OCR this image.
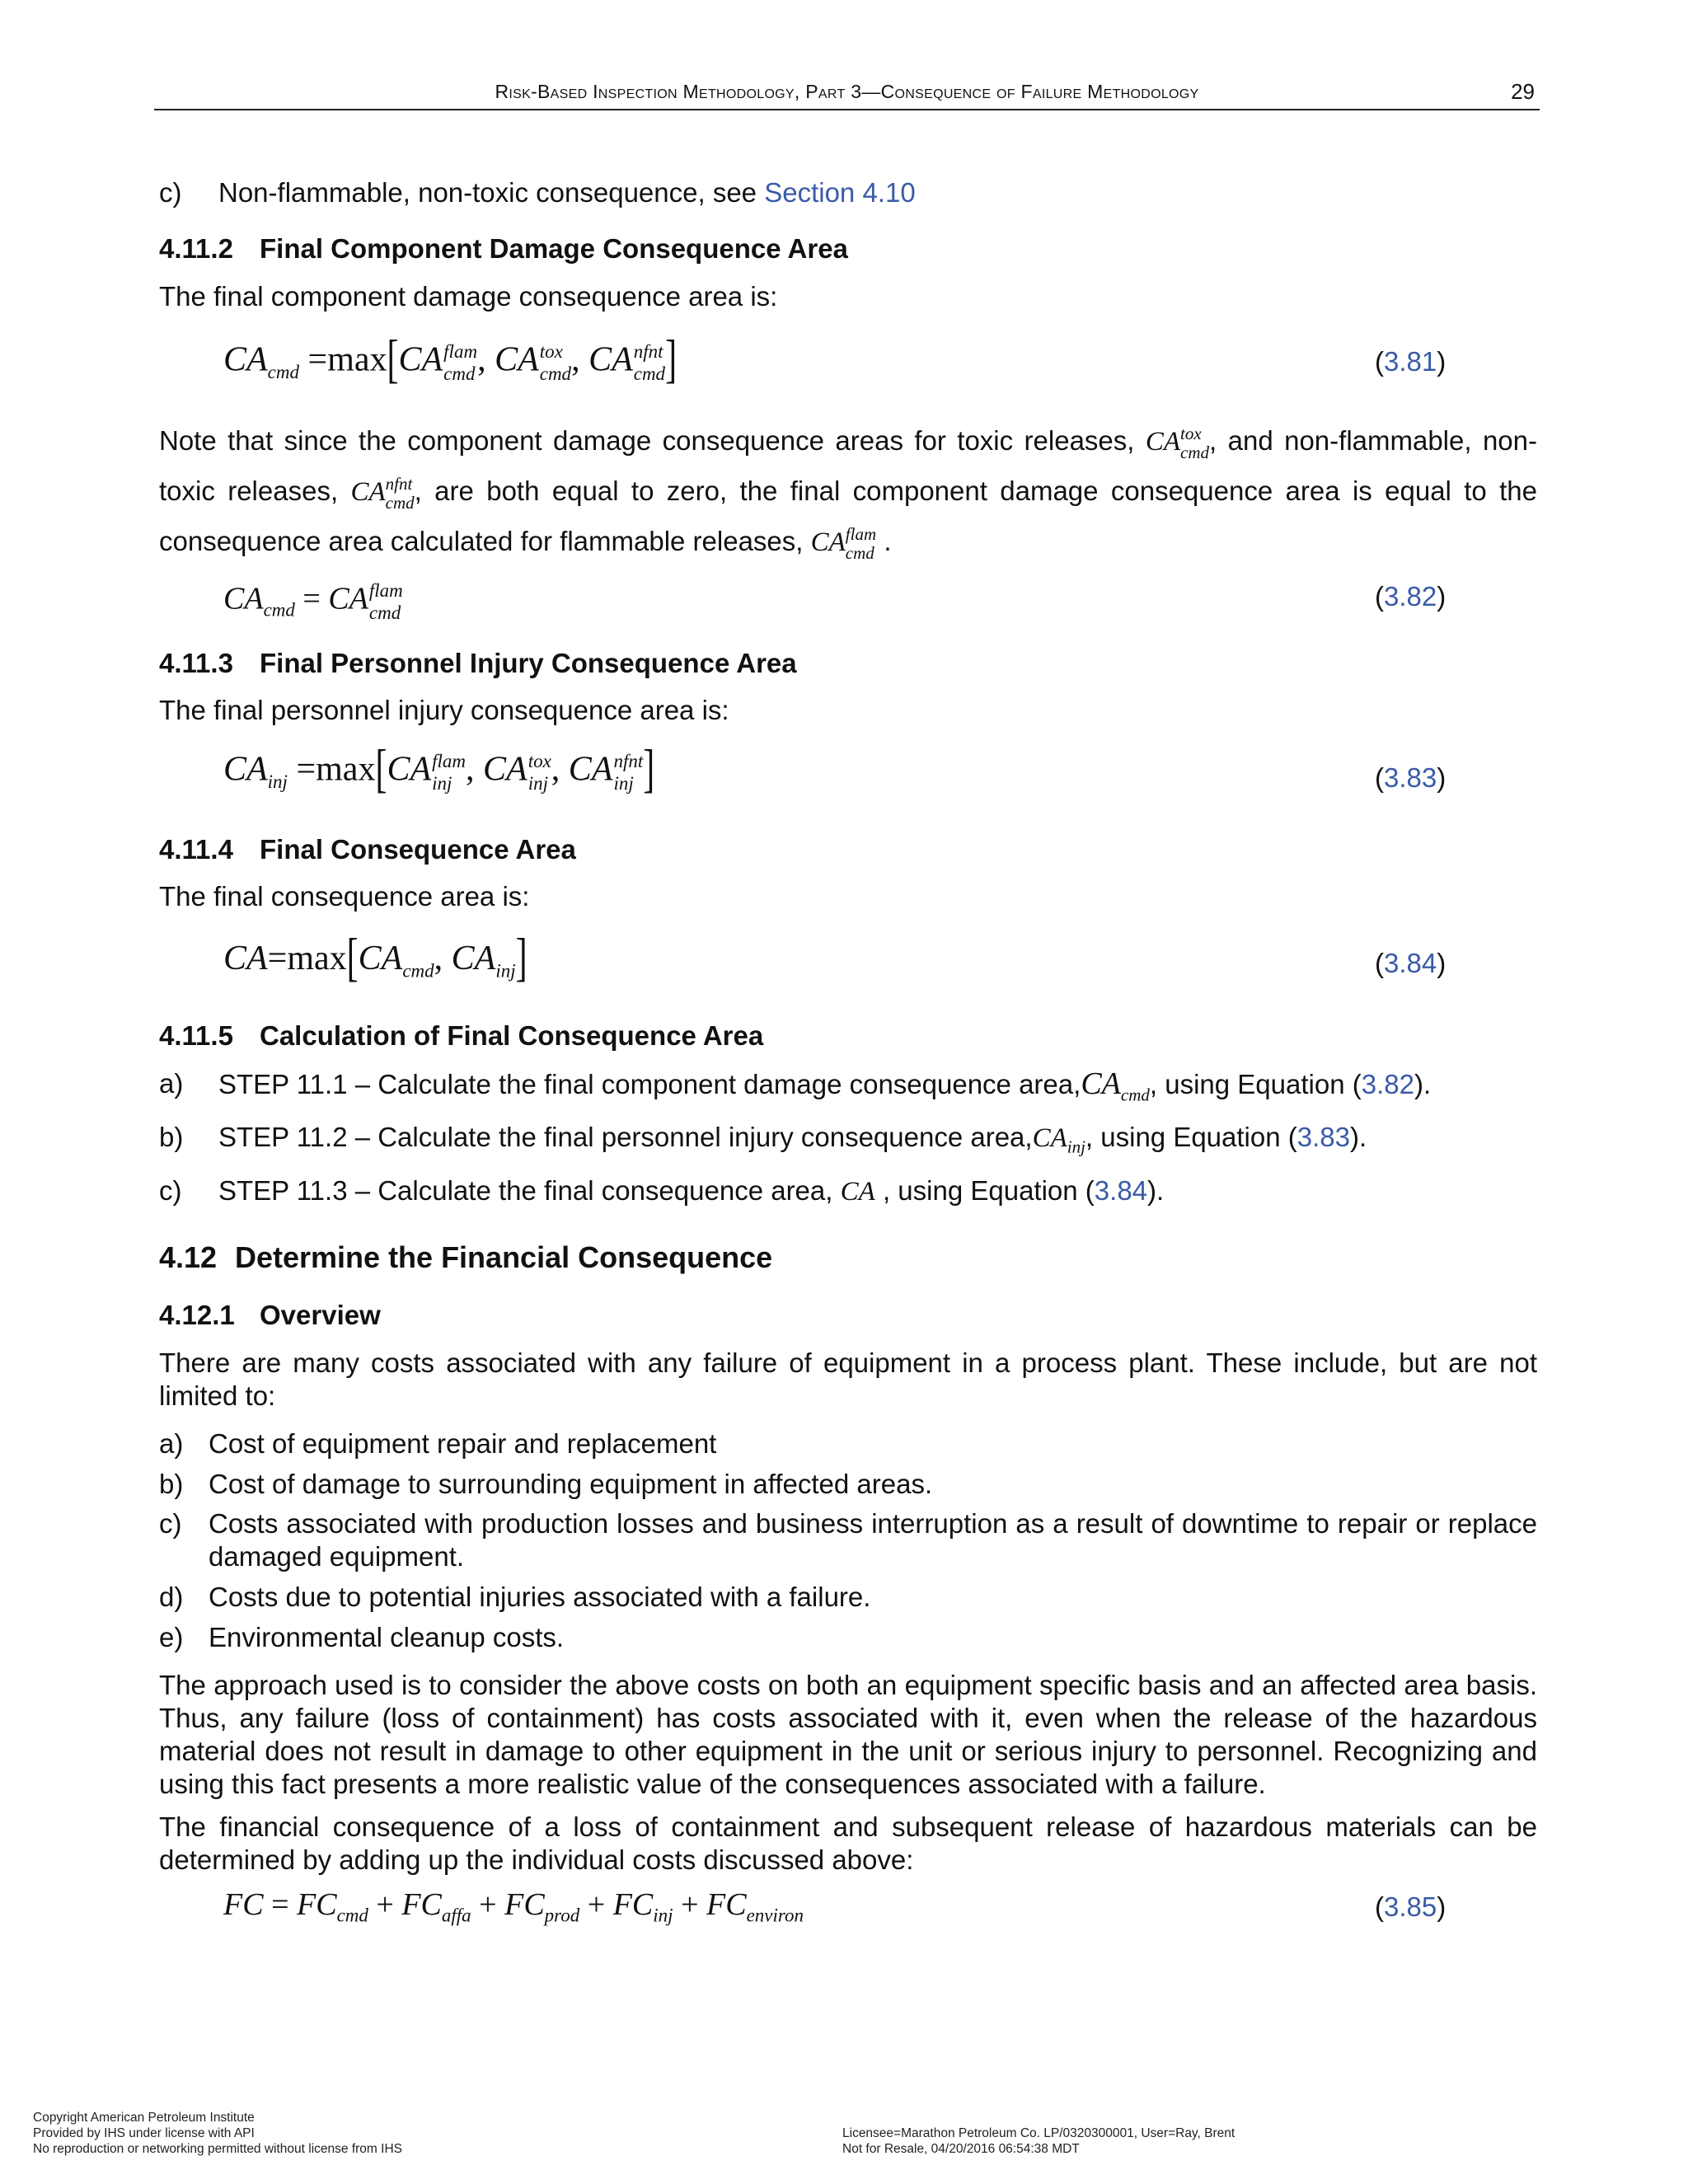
Risk-Based Inspection Methodology, Part 3—Consequence of Failure Methodology	29
c) Non-flammable, non-toxic consequence, see Section 4.10
4.11.2 Final Component Damage Consequence Area
The final component damage consequence area is:
$CA_{cmd} =\max[CA$ flam
cmd , CA tox
cmd , CA nfnt
cmd ]	(3.81)
Note that since the component damage consequence areas for toxic releases, CA tox
cmd , and non-flammable, non-toxic releases, CA nfnt
cmd , are both equal to zero, the final component damage consequence area is equal to the consequence area calculated for flammable releases, CA flam
cmd .
$CA_{cmd}$ = CA flam
cmd
(3.82)
4.11.3 Final Personnel Injury Consequence Area
The final personnel injury consequence area is:
$CA_{inj} =\max[CA$ flam
inj , CA tox
inj , CA nfnt
inj ]	(3.83)
4.11.4 Final Consequence Area
The final consequence area is:
$CA=\max[CA_{cmd}$, $CA_{inj}$]	(3.84)
4.11.5 Calculation of Final Consequence Area
a) STEP 11.1 – Calculate the final component damage consequence $area,CA_{cmd}$, using Equation (3.82).
b) STEP 11.2 – Calculate the final personnel injury consequence $area,CA_{inj}$, using Equation (3.83).
c) STEP 11.3 – Calculate the final consequence area, CA , using Equation (3.84).
4.12 Determine the Financial Consequence
4.12.1 Overview
There are many costs associated with any failure of equipment in a process plant. These include, but are not limited to:
a) Cost of equipment repair and replacement
b) Cost of damage to surrounding equipment in affected areas.
c) Costs associated with production losses and business interruption as a result of downtime to repair or replace damaged equipment.
d) Costs due to potential injuries associated with a failure.
e) Environmental cleanup costs.
The approach used is to consider the above costs on both an equipment specific basis and an affected area basis. Thus, any failure (loss of containment) has costs associated with it, even when the release of the hazardous material does not result in damage to other equipment in the unit or serious injury to personnel. Recognizing and using this fact presents a more realistic value of the consequences associated with a failure.
The financial consequence of a loss of containment and subsequent release of hazardous materials can be determined by adding up the individual costs discussed above:
FC = $FC_{cmd} + FC_{affa} + FC_{prod} + FC_{inj} + FC_{environ}$	(3.85)
Copyright American Petroleum Institute
Provided by IHS under license with API
No reproduction or networking permitted without license from IHS
Licensee=Marathon Petroleum Co. LP/0320300001, User=Ray, Brent
Not for Resale, 04/20/2016 06:54:38 MDT
